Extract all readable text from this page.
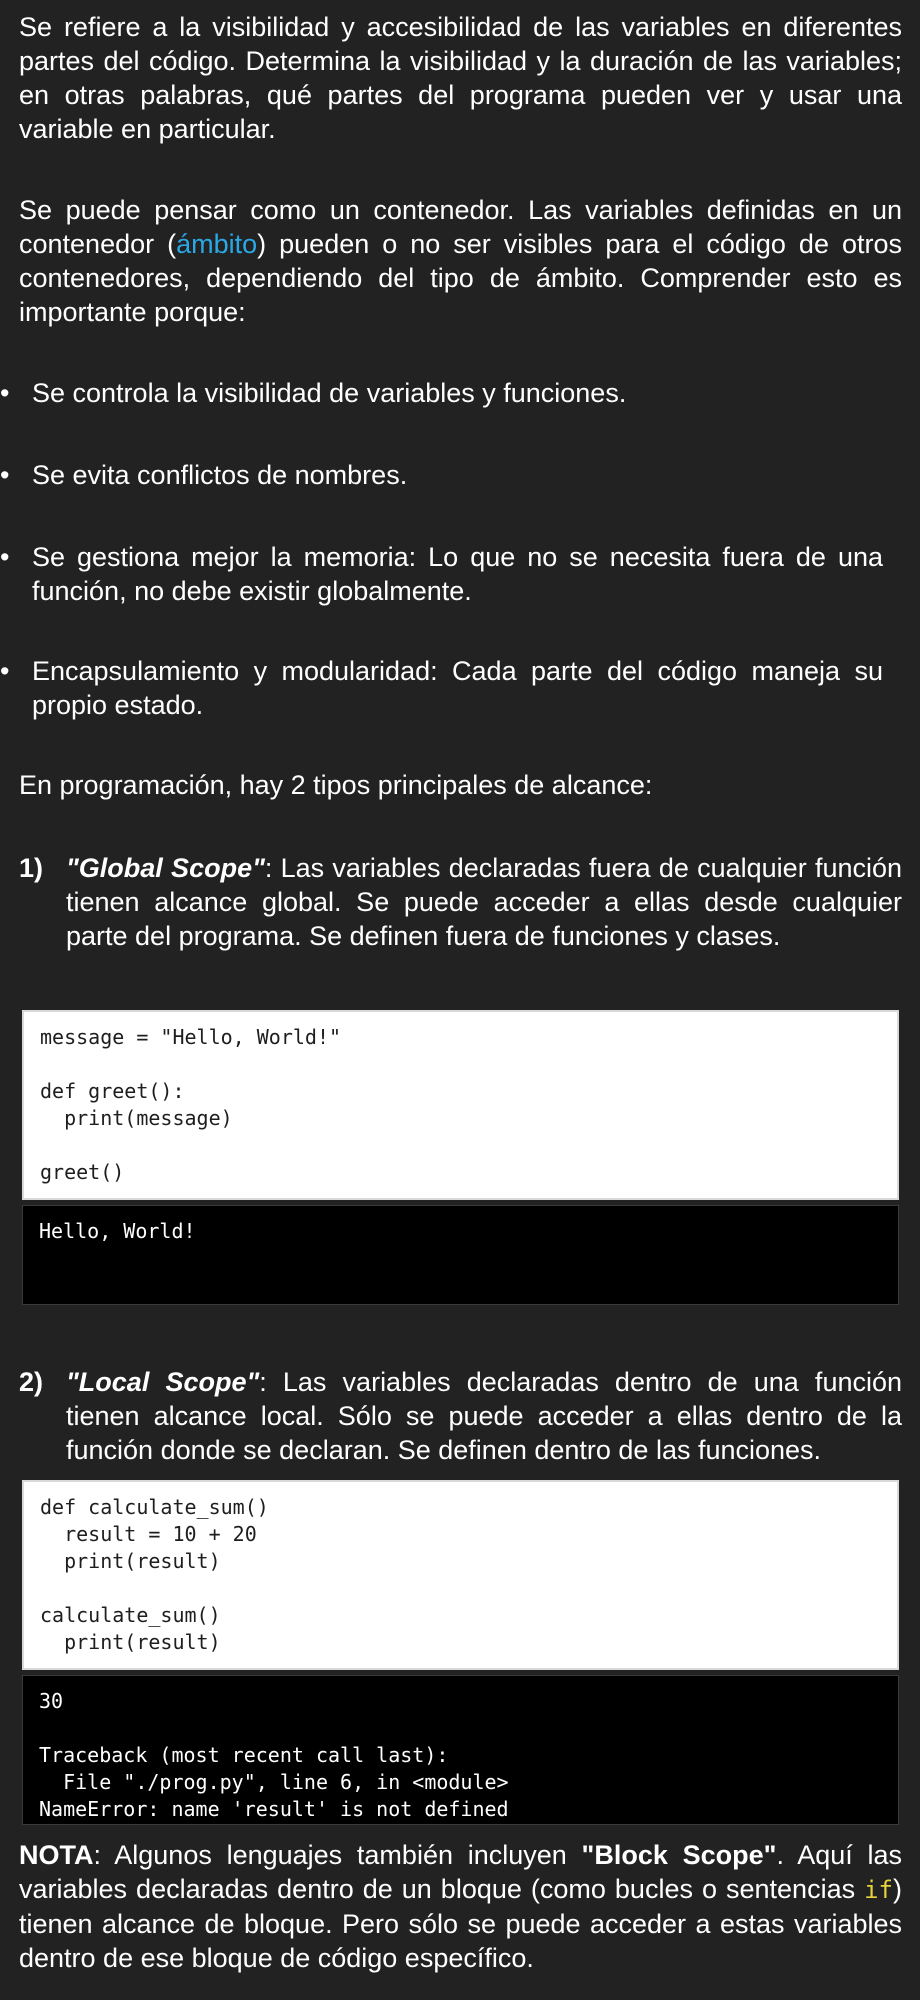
Se refiere a la visibilidad y accesibilidad de las variables en diferentes partes del código. Determina la visibilidad y la duración de las variables; en otras palabras, qué partes del programa pueden ver y usar una variable en particular.

Se puede pensar como un contenedor. Las variables definidas en un contenedor (ámbito) pueden o no ser visibles para el código de otros contenedores, dependiendo del tipo de ámbito. Comprender esto es importante porque:

• Se controla la visibilidad de variables y funciones.
• Se evita conflictos de nombres.
• Se gestiona mejor la memoria: Lo que no se necesita fuera de una función, no debe existir globalmente.
• Encapsulamiento y modularidad: Cada parte del código maneja su propio estado.

En programación, hay 2 tipos principales de alcance:

1) "Global Scope": Las variables declaradas fuera de cualquier función tienen alcance global. Se puede acceder a ellas desde cualquier parte del programa. Se definen fuera de funciones y clases.
message = "Hello, World!"
def greet():
print(message)
greet()
Hello, World!
2) "Local Scope": Las variables declaradas dentro de una función tienen alcance local. Sólo se puede acceder a ellas dentro de la función donde se declaran. Se definen dentro de las funciones.
def calculate_sum()
result = 10 + 20
print(result)
calculate_sum()
print(result)
30
Traceback (most recent call last):
File "./prog.py", line 6, in <module>
NameError: name 'result' is not defined

NOTA: Algunos lenguajes también incluyen "Block Scope". Aquí las variables declaradas dentro de un bloque (como bucles o sentencias if) tienen alcance de bloque. Pero sólo se puede acceder a estas variables dentro de ese bloque de código específico.
